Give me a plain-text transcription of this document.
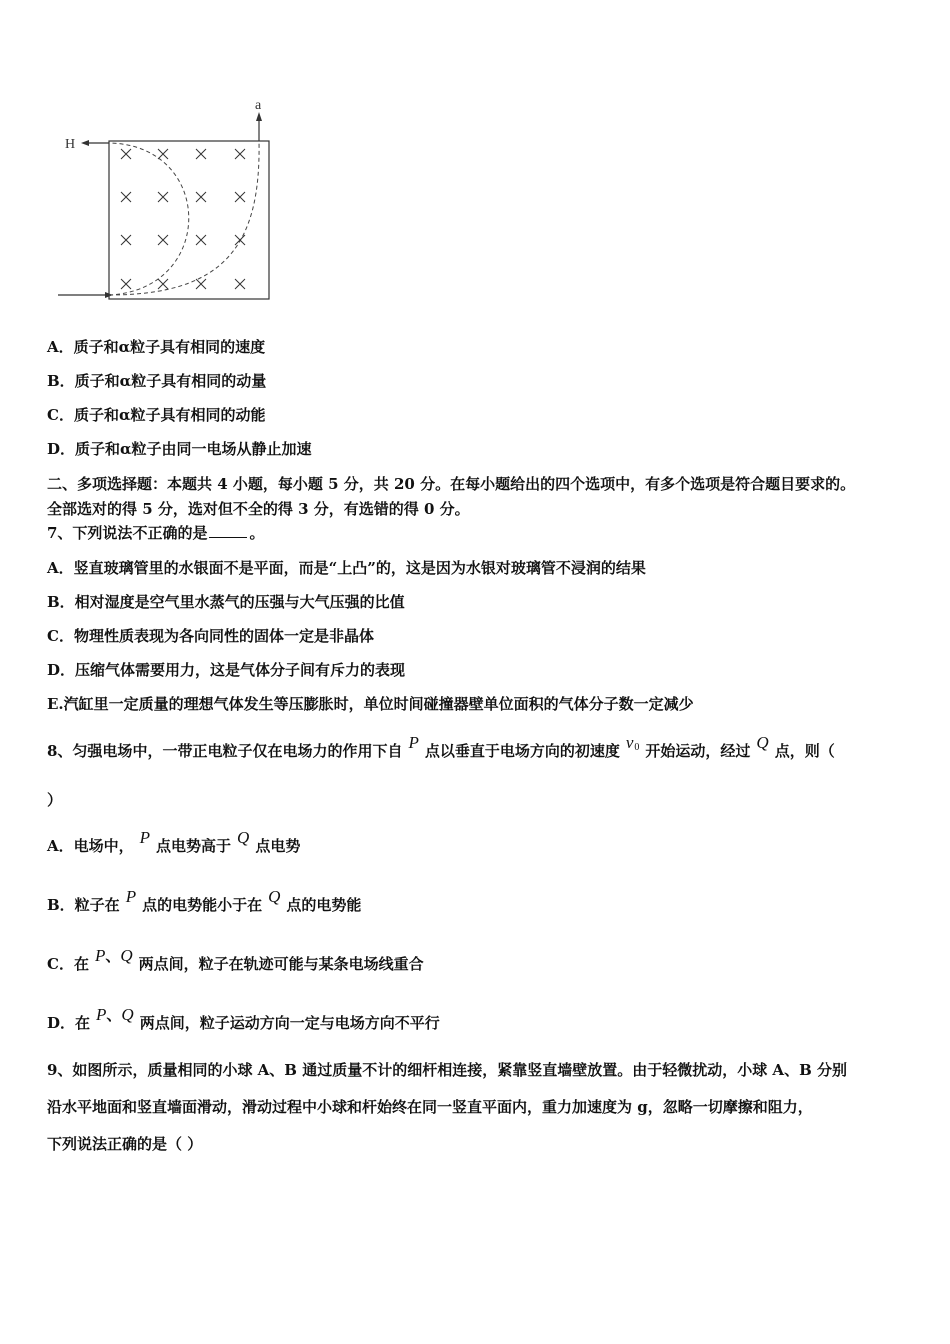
H
a
A．质子和α粒子具有相同的速度
B．质子和α粒子具有相同的动量
C．质子和α粒子具有相同的动能
D．质子和α粒子由同一电场从静止加速
二、多项选择题：本题共 4 小题，每小题 5 分，共 20 分。在每小题给出的四个选项中，有多个选项是符合题目要求的。
全部选对的得 5 分，选对但不全的得 3 分，有选错的得 0 分。
7、下列说法不正确的是	。
A．竖直玻璃管里的水银面不是平面，而是“上凸”的，这是因为水银对玻璃管不浸润的结果
B．相对湿度是空气里水蒸气的压强与大气压强的比值
C．物理性质表现为各向同性的固体一定是非晶体
D．压缩气体需要用力，这是气体分子间有斥力的表现
E.汽缸里一定质量的理想气体发生等压膨胀时，单位时间碰撞器壁单位面积的气体分子数一定减少
8、匀强电场中，一带正电粒子仅在电场力的作用下自 P 点以垂直于电场方向的初速度 v0 开始运动，经过 Q 点，则（
）
A．电场中， P 点电势高于 Q 点电势
B．粒子在 P 点的电势能小于在 Q 点的电势能
C．在 P、Q 两点间，粒子在轨迹可能与某条电场线重合
D．在 P、Q 两点间，粒子运动方向一定与电场方向不平行
9、如图所示，质量相同的小球 A、B 通过质量不计的细杆相连接，紧靠竖直墙壁放置。由于轻微扰动，小球 A、B 分别
沿水平地面和竖直墙面滑动，滑动过程中小球和杆始终在同一竖直平面内，重力加速度为 g，忽略一切摩擦和阻力，
下列说法正确的是（ ）
